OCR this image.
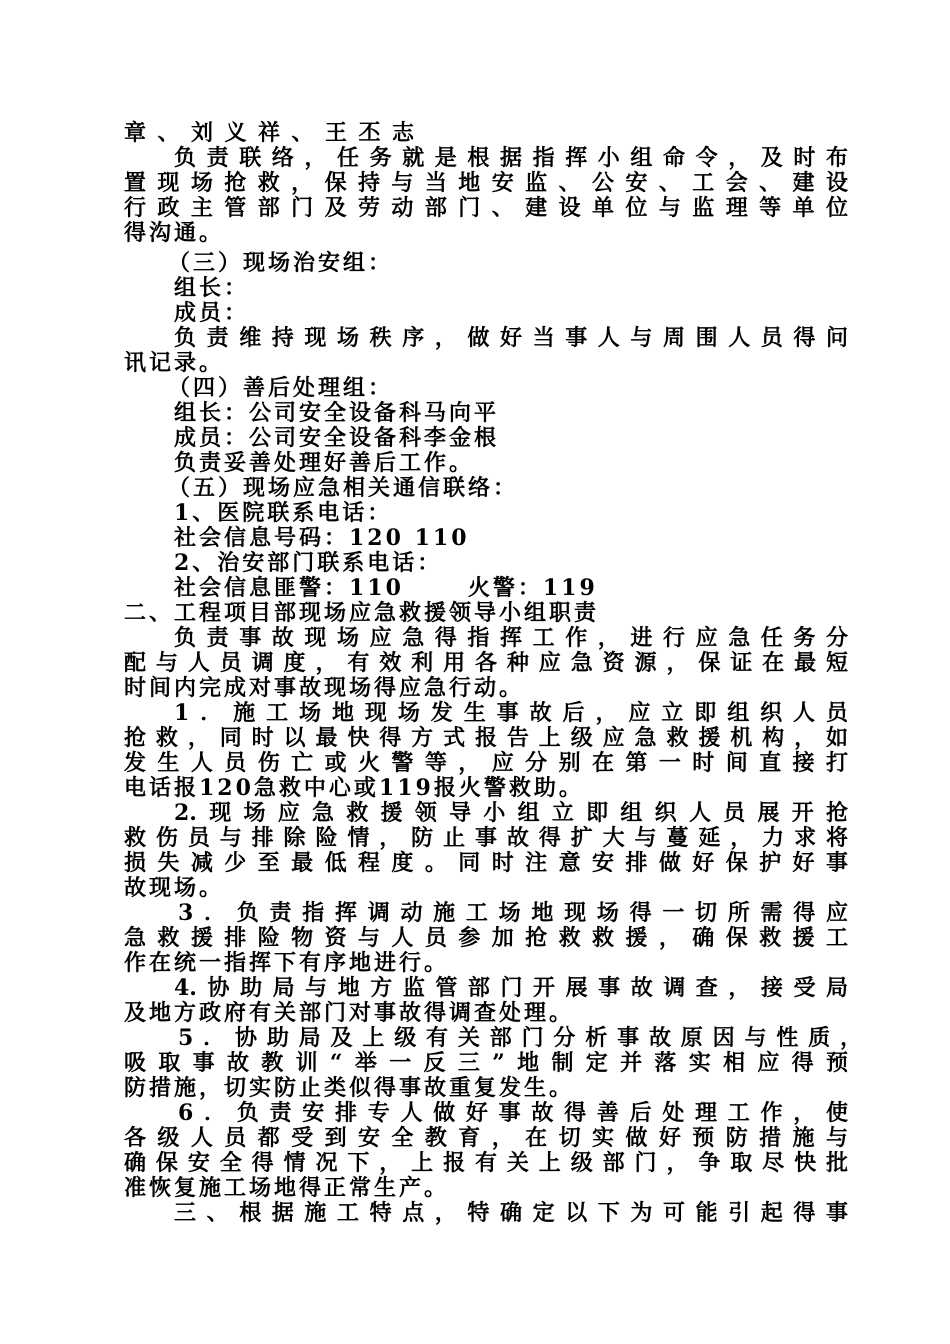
章、刘义祥、王丕志
负责联络，任务就是根据指挥小组命令，及时布
置现场抢救，保持与当地安监、公安、工会、建设
行政主管部门及劳动部门、建设单位与监理等单位
得沟通。
（三）现场治安组：
组长：
成员：
负责维持现场秩序，做好当事人与周围人员得问
讯记录。
（四）善后处理组：
组长：公司安全设备科马向平
成员：公司安全设备科李金根
负责妥善处理好善后工作。
（五）现场应急相关通信联络：
1、医院联系电话：
社会信息号码：120 110
2、治安部门联系电话：
社会信息匪警：110      火警：119
二、工程项目部现场应急救援领导小组职责
负责事故现场应急得指挥工作，进行应急任务分
配与人员调度，有效利用各种应急资源，保证在最短
时间内完成对事故现场得应急行动。
1．施工场地现场发生事故后，应立即组织人员
抢救，同时以最快得方式报告上级应急救援机构，如
发生人员伤亡或火警等，应分别在第一时间直接打
电话报120急救中心或119报火警救助。
2.现场应急救援领导小组立即组织人员展开抢
救伤员与排除险情，防止事故得扩大与蔓延，力求将
损失减少至最低程度。同时注意安排做好保护好事
故现场。
3．负责指挥调动施工场地现场得一切所需得应
急救援排险物资与人员参加抢救救援，确保救援工
作在统一指挥下有序地进行。
4.协助局与地方监管部门开展事故调查，接受局
及地方政府有关部门对事故得调查处理。
5．协助局及上级有关部门分析事故原因与性质，
吸取事故教训“举一反三”地制定并落实相应得预
防措施，切实防止类似得事故重复发生。
6．负责安排专人做好事故得善后处理工作，使
各级人员都受到安全教育，在切实做好预防措施与
确保安全得情况下，上报有关上级部门，争取尽快批
准恢复施工场地得正常生产。
三、根据施工特点，特确定以下为可能引起得事
